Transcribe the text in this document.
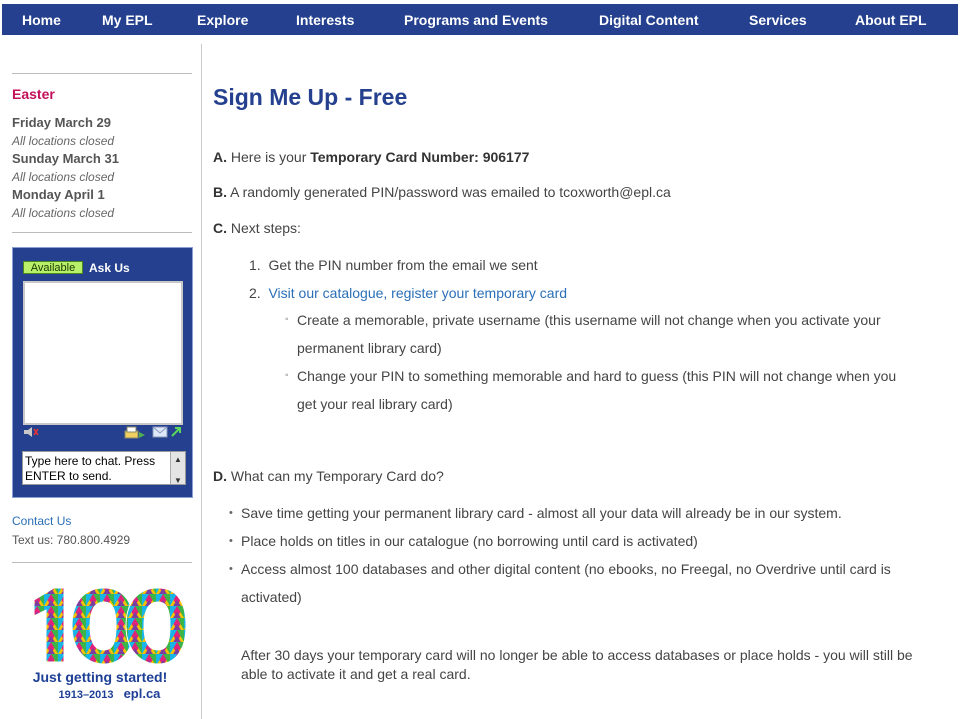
Home	My EPL	Explore	Interests	Programs and Events	Digital Content	Services	About EPL
Easter
Friday March 29
All locations closed
Sunday March 31
All locations closed
Monday April 1
All locations closed
Available	Ask Us
Type here to chat. Press ENTER to send.
▲
▼
Contact Us
Text us: 780.800.4929
Just getting started!
1913–2013 epl.ca
Sign Me Up - Free
A. Here is your Temporary Card Number: 906177
B. A randomly generated PIN/password was emailed to tcoxworth@epl.ca
C. Next steps:
1. Get the PIN number from the email we sent
2. Visit our catalogue, register your temporary card
◦ Create a memorable, private username (this username will not change when you activate your permanent library card)
◦ Change your PIN to something memorable and hard to guess (this PIN will not change when you get your real library card)
D. What can my Temporary Card do?
• Save time getting your permanent library card - almost all your data will already be in our system.
• Place holds on titles in our catalogue (no borrowing until card is activated)
• Access almost 100 databases and other digital content (no ebooks, no Freegal, no Overdrive until card is activated)
After 30 days your temporary card will no longer be able to access databases or place holds - you will still be able to activate it and get a real card.
